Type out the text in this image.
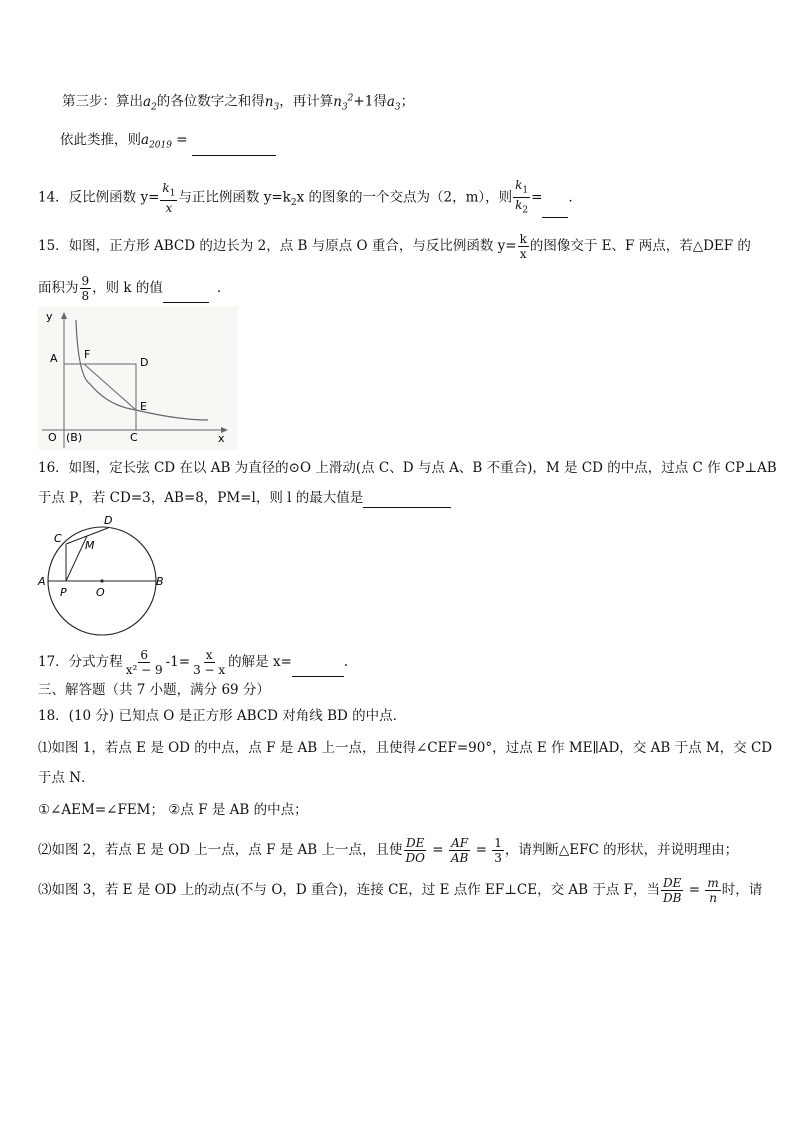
第三步：算出$a_2$的各位数字之和得$n_3$，再计算$n_3^2+1$得$a_3$；
依此类推，则$a_{2019}$ =
14．反比例函数 $y= \frac{k_1}{x}$ 与正比例函数 $y=k_2x$ 的图象的一个交点为（2，m），则 $\frac{k_1}{k_2}$ = ．
15．如图，正方形 ABCD 的边长为 2，点 B 与原点 O 重合，与反比例函数 $y= \frac{k}{x}$ 的图像交于 E、F 两点，若△DEF 的
面积为 $\frac{9}{8}$ ，则 k 的值	．
y
A F
D
E
O (B)	C	x
16．如图，定长弦 CD 在以 AB 为直径的⊙O 上滑动(点 C、D 与点 A、B 不重合)，M 是 CD 的中点，过点 C 作 CP⊥AB
于点 P，若 CD=3，AB=8，PM=l，则 l 的最大值是
D
C
M
A
P	O
B
17．分式方程 $\frac{6}{\text{x² − 9}} -1= \frac{x}{3 - x}$ 的解是 x=	.
三、解答题（共 7 小题，满分 69 分）
18．(10 分) 已知点 O 是正方形 ABCD 对角线 BD 的中点．
⑴如图 1，若点 E 是 OD 的中点，点 F 是 AB 上一点，且使得∠CEF=90°，过点 E 作 ME∥AD，交 AB 于点 M，交 CD
于点 N．
①∠AEM=∠FEM； ②点 F 是 AB 的中点；
⑵如图 2，若点 E 是 OD 上一点，点 F 是 AB 上一点，且使 $\frac{DE}{DO} = \frac{AF}{AB} = \frac{1}{3}$ ，请判断△EFC 的形状，并说明理由；
⑶如图 3，若 E 是 OD 上的动点(不与 O，D 重合)，连接 CE，过 E 点作 EF⊥CE，交 AB 于点 F，当 $\frac{DE}{DB} = \frac{m}{n}$ 时，请
